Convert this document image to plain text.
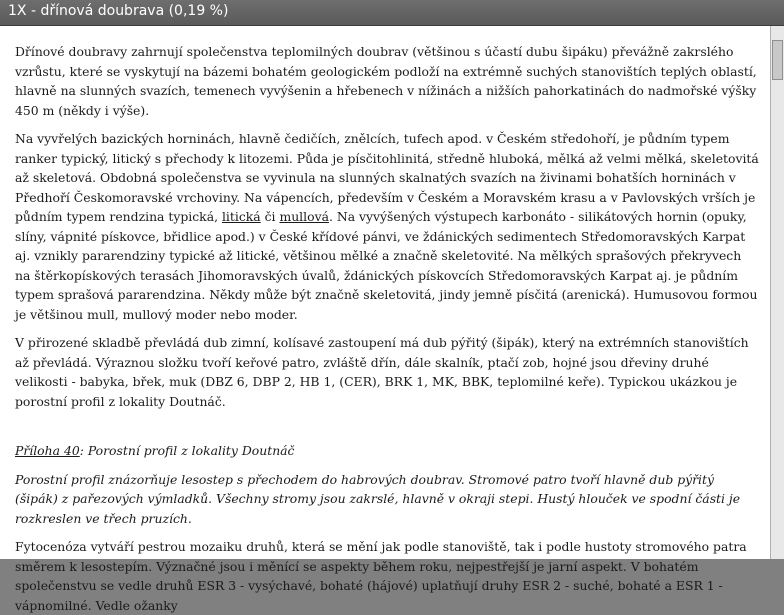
1X - dřínová doubrava (0,19 %)

Dřínové doubravy zahrnují společenstva teplomilných doubrav (většinou s účastí dubu šipáku) převážně zakrslého vzrůstu, které se vyskytují na bázemi bohatém geologickém podloží na extrémně suchých stanovištích teplých oblastí, hlavně na slunných svazích, temenech vyvýšenin a hřebenech v nížinách a nižších pahorkatinách do nadmořské výšky 450 m (někdy i výše).

Na vyvřelých bazických horninách, hlavně čedičích, znělcích, tufech apod. v Českém středohoří, je půdním typem ranker typický, litický s přechody k litozemi. Půda je písčitohlinitá, středně hluboká, mělká až velmi mělká, skeletovitá až skeletová. Obdobná společenstva se vyvinula na slunných skalnatých svazích na živinami bohatších horninách v Předhoří Českomoravské vrchoviny. Na vápencích, především v Českém a Moravském krasu a v Pavlovských vrších je půdním typem rendzina typická, litická či mullová. Na vyvýšených výstupech karbonáto - silikátových hornin (opuky, slíny, vápnité pískovce, břidlice apod.) v České křídové pánvi, ve ždánických sedimentech Středomoravských Karpat aj. vznikly pararendziny typické až litické, většinou mělké a značně skeletovité. Na mělkých sprašových překryvech na štěrkopískových terasách Jihomoravských úvalů, ždánických pískovcích Středomoravských Karpat aj. je půdním typem sprašová pararendzina. Někdy může být značně skeletovitá, jindy jemně písčitá (arenická). Humusovou formou je většinou mull, mullový moder nebo moder.

V přirozené skladbě převládá dub zimní, kolísavé zastoupení má dub pýřitý (šipák), který na extrémních stanovištích až převládá. Výraznou složku tvoří keřové patro, zvláště dřín, dále skalník, ptačí zob, hojné jsou dřeviny druhé velikosti - babyka, břek, muk (DBZ 6, DBP 2, HB 1, (CER), BRK 1, MK, BBK, teplomilné keře). Typickou ukázkou je porostní profil z lokality Doutnáč.

Příloha 40: Porostní profil z lokality Doutnáč

Porostní profil znázorňuje lesostep s přechodem do habrových doubrav. Stromové patro tvoří hlavně dub pýřitý (šipák) z pařezových výmladků. Všechny stromy jsou zakrslé, hlavně v okraji stepi. Hustý hlouček ve spodní části je rozkreslen ve třech pruzích.

Fytocenóza vytváří pestrou mozaiku druhů, která se mění jak podle stanoviště, tak i podle hustoty stromového patra směrem k lesostepím. Význačné jsou i měnící se aspekty během roku, nejpestřejší je jarní aspekt. V bohatém společenstvu se vedle druhů ESR 3 - vysýchavé, bohaté (hájové) uplatňují druhy ESR 2 - suché, bohaté a ESR 1 - vápnomilné. Vedle ožanky
